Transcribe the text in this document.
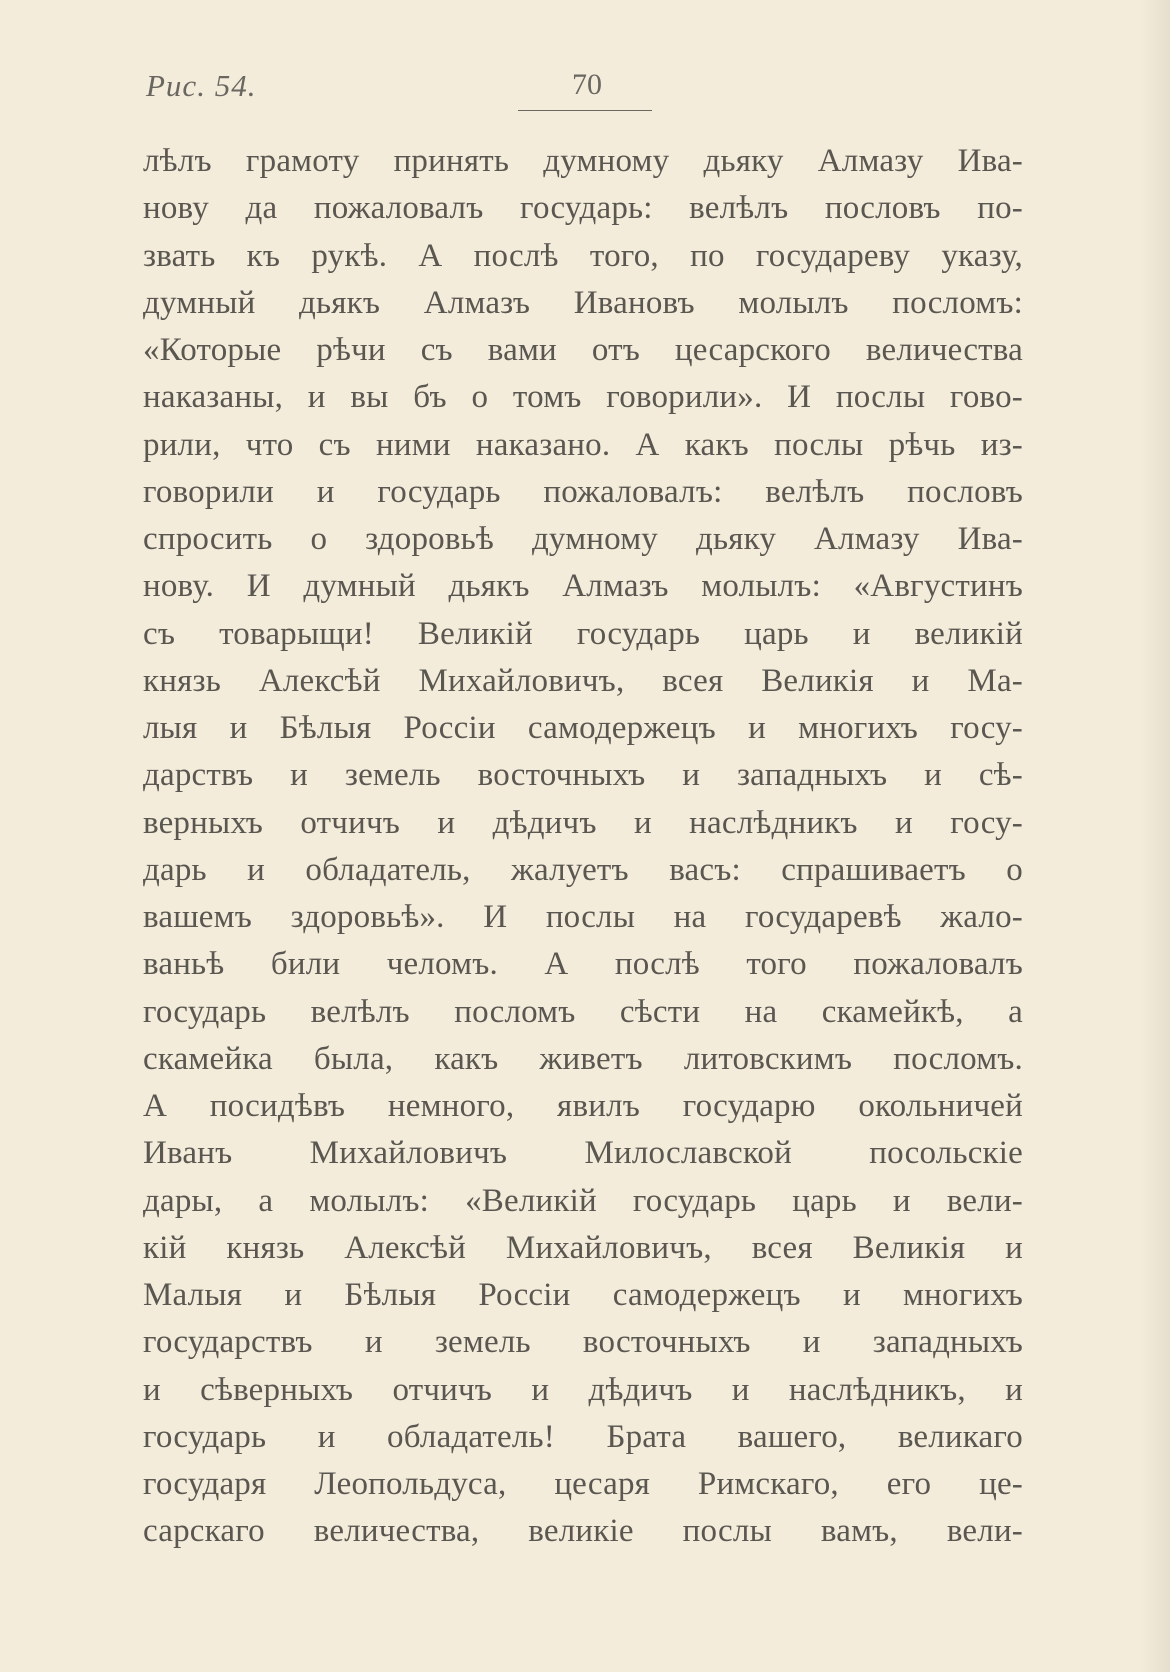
Рис. 54.	70
лѣлъ грамоту принять думному дьяку Алмазу Ива-
нову да пожаловалъ государь: велѣлъ пословъ по-
звать къ рукѣ. А послѣ того, по государеву указу,
думный дьякъ Алмазъ Ивановъ молылъ посломъ:
«Которые рѣчи съ вами отъ цесарского величества
наказаны, и вы бъ о томъ говорили». И послы гово-
рили, что съ ними наказано. А какъ послы рѣчь из-
говорили и государь пожаловалъ: велѣлъ пословъ
спросить о здоровьѣ думному дьяку Алмазу Ива-
нову. И думный дьякъ Алмазъ молылъ: «Августинъ
съ товарыщи! Великій государь царь и великій
князь Алексѣй Михайловичъ, всея Великія и Ма-
лыя и Бѣлыя Россіи самодержецъ и многихъ госу-
дарствъ и земель восточныхъ и западныхъ и сѣ-
верныхъ отчичъ и дѣдичъ и наслѣдникъ и госу-
дарь и обладатель, жалуетъ васъ: спрашиваетъ о
вашемъ здоровьѣ». И послы на государевѣ жало-
ваньѣ били челомъ. А послѣ того пожаловалъ
государь велѣлъ посломъ сѣсти на скамейкѣ, а
скамейка была, какъ живетъ литовскимъ посломъ.
А посидѣвъ немного, явилъ государю окольничей
Иванъ Михайловичъ Милославской посольскіе
дары, а молылъ: «Великій государь царь и вели-
кій князь Алексѣй Михайловичъ, всея Великія и
Малыя и Бѣлыя Россіи самодержецъ и многихъ
государствъ и земель восточныхъ и западныхъ
и сѣверныхъ отчичъ и дѣдичъ и наслѣдникъ, и
государь и обладатель! Брата вашего, великаго
государя Леопольдуса, цесаря Римскаго, его це-
сарскаго величества, великіе послы вамъ, вели-
